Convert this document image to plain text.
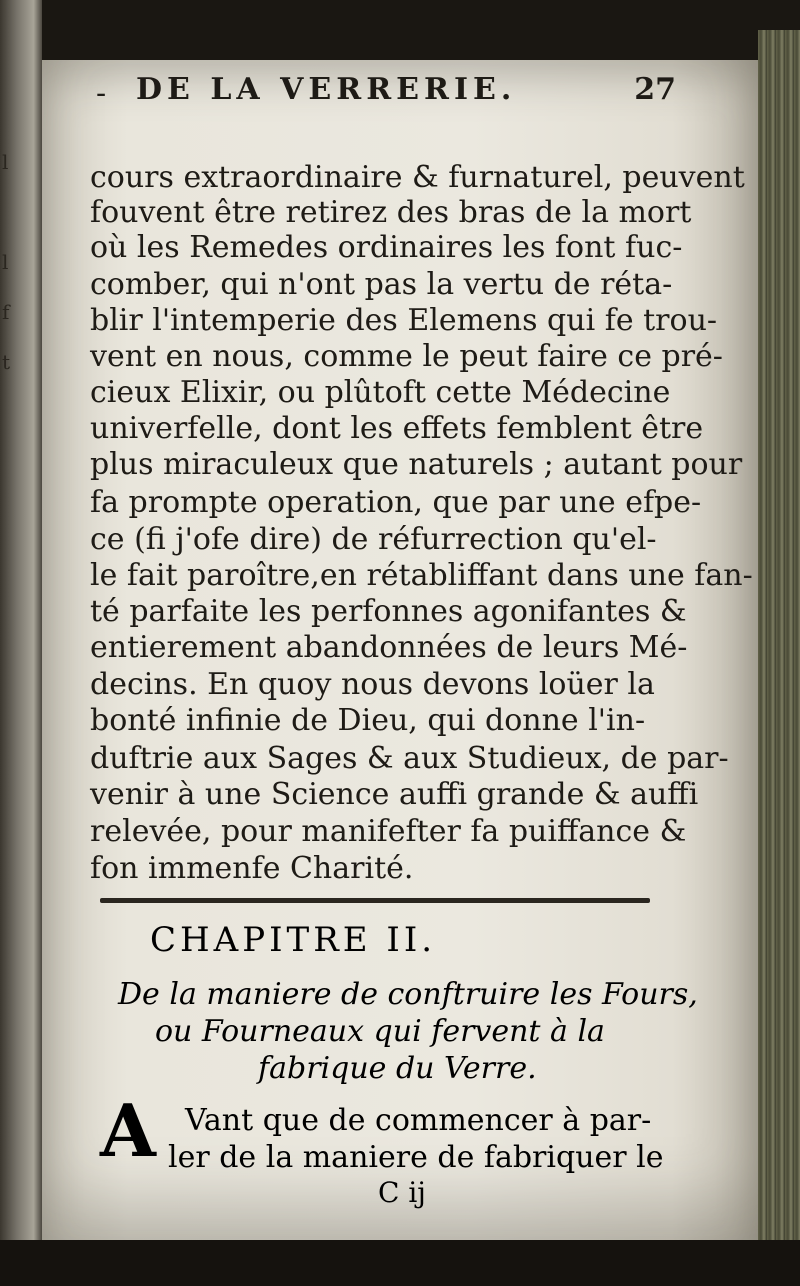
l
l
f
t
- DE LA VERRERIE.	27
cours extraordinaire & furnaturel, peuvent
fouvent être retirez des bras de la mort
où les Remedes ordinaires les font fuc-
comber, qui n'ont pas la vertu de réta-
blir l'intemperie des Elemens qui fe trou-
vent en nous, comme le peut faire ce pré-
cieux Elixir, ou plûtoft cette Médecine
univerfelle, dont les effets femblent être
plus miraculeux que naturels ; autant pour
fa prompte operation, que par une efpe-
ce (fi j'ofe dire) de réfurrection qu'el-
le fait paroître,en rétabliffant dans une fan-
té parfaite les perfonnes agonifantes &
entierement abandonnées de leurs Mé-
decins. En quoy nous devons loüer la
bonté infinie de Dieu, qui donne l'in-
duftrie aux Sages & aux Studieux, de par-
venir à une Science auffi grande & auffi
relevée, pour manifefter fa puiffance &
fon immenfe Charité.
CHAPITRE II.
De la maniere de conftruire les Fours,
ou Fourneaux qui fervent à la
fabrique du Verre.
A Vant que de commencer à par-
ler de la maniere de fabriquer le
C ij
